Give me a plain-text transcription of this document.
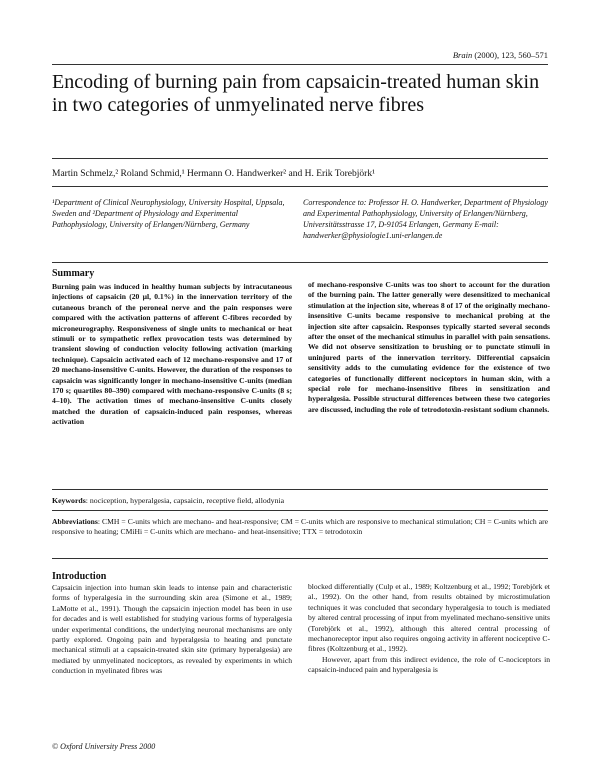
Brain (2000), 123, 560–571
Encoding of burning pain from capsaicin-treated human skin in two categories of unmyelinated nerve fibres
Martin Schmelz,² Roland Schmid,¹ Hermann O. Handwerker² and H. Erik Torebjörk¹
¹Department of Clinical Neurophysiology, University Hospital, Uppsala, Sweden and ²Department of Physiology and Experimental Pathophysiology, University of Erlangen/Nürnberg, Germany
Correspondence to: Professor H. O. Handwerker, Department of Physiology and Experimental Pathophysiology, University of Erlangen/Nürnberg, Universitätsstrasse 17, D-91054 Erlangen, Germany E-mail: handwerker@physiologie1.uni-erlangen.de
Summary
Burning pain was induced in healthy human subjects by intracutaneous injections of capsaicin (20 µl, 0.1%) in the innervation territory of the cutaneous branch of the peroneal nerve and the pain responses were compared with the activation patterns of afferent C-fibres recorded by microneurography. Responsiveness of single units to mechanical or heat stimuli or to sympathetic reflex provocation tests was determined by transient slowing of conduction velocity following activation (marking technique). Capsaicin activated each of 12 mechano-responsive and 17 of 20 mechano-insensitive C-units. However, the duration of the responses to capsaicin was significantly longer in mechano-insensitive C-units (median 170 s; quartiles 80–390) compared with mechano-responsive C-units (8 s; 4–10). The activation times of mechano-insensitive C-units closely matched the duration of capsaicin-induced pain responses, whereas activation
of mechano-responsive C-units was too short to account for the duration of the burning pain. The latter generally were desensitized to mechanical stimulation at the injection site, whereas 8 of 17 of the originally mechano-insensitive C-units became responsive to mechanical probing at the injection site after capsaicin. Responses typically started several seconds after the onset of the mechanical stimulus in parallel with pain sensations. We did not observe sensitization to brushing or to punctate stimuli in uninjured parts of the innervation territory. Differential capsaicin sensitivity adds to the cumulating evidence for the existence of two categories of functionally different nociceptors in human skin, with a special role for mechano-insensitive fibres in sensitization and hyperalgesia. Possible structural differences between these two categories are discussed, including the role of tetrodotoxin-resistant sodium channels.
Keywords: nociception, hyperalgesia, capsaicin, receptive field, allodynia
Abbreviations: CMH = C-units which are mechano- and heat-responsive; CM = C-units which are responsive to mechanical stimulation; CH = C-units which are responsive to heating; CMiHi = C-units which are mechano- and heat-insensitive; TTX = tetrodotoxin
Introduction
Capsaicin injection into human skin leads to intense pain and characteristic forms of hyperalgesia in the surrounding skin area (Simone et al., 1989; LaMotte et al., 1991). Though the capsaicin injection model has been in use for decades and is well established for studying various forms of hyperalgesia under experimental conditions, the underlying neuronal mechanisms are only partly explored. Ongoing pain and hyperalgesia to heating and punctate mechanical stimuli at a capsaicin-treated skin site (primary hyperalgesia) are mediated by unmyelinated nociceptors, as revealed by experiments in which conduction in myelinated fibres was

blocked differentially (Culp et al., 1989; Koltzenburg et al., 1992; Torebjörk et al., 1992). On the other hand, from results obtained by microstimulation techniques it was concluded that secondary hyperalgesia to touch is mediated by altered central processing of input from myelinated mechano-sensitive units (Torebjörk et al., 1992), although this altered central processing of mechanoreceptor input also requires ongoing activity in afferent nociceptive C-fibres (Koltzenburg et al., 1992).

However, apart from this indirect evidence, the role of C-nociceptors in capsaicin-induced pain and hyperalgesia is

© Oxford University Press 2000
